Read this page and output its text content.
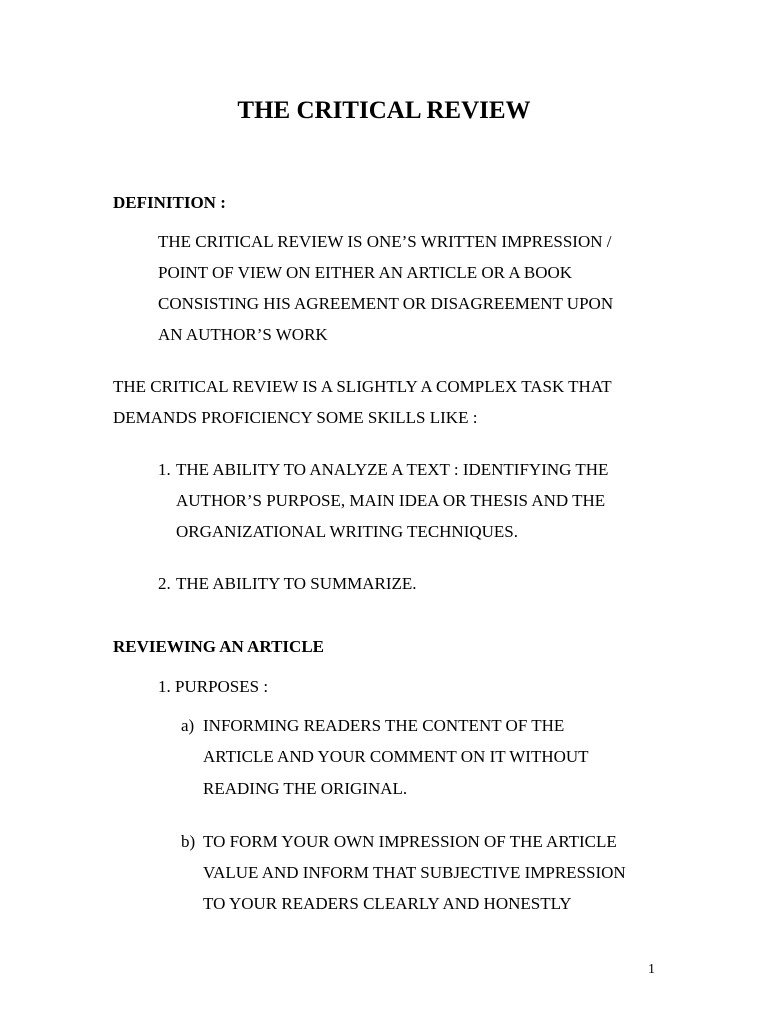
THE CRITICAL REVIEW

DEFINITION :

THE CRITICAL REVIEW IS ONE’S WRITTEN IMPRESSION /

POINT OF VIEW ON EITHER AN ARTICLE OR A BOOK

CONSISTING HIS AGREEMENT OR DISAGREEMENT UPON

AN AUTHOR’S WORK

THE CRITICAL REVIEW IS A SLIGHTLY A COMPLEX TASK THAT

DEMANDS PROFICIENCY SOME SKILLS LIKE :

1. THE ABILITY TO ANALYZE A TEXT : IDENTIFYING THE

AUTHOR’S PURPOSE, MAIN IDEA OR THESIS AND THE

ORGANIZATIONAL WRITING TECHNIQUES.

2. THE ABILITY TO SUMMARIZE.

REVIEWING AN ARTICLE

1. PURPOSES :

a) INFORMING READERS THE CONTENT OF THE

ARTICLE AND YOUR COMMENT ON IT WITHOUT

READING THE ORIGINAL.

b) TO FORM YOUR OWN IMPRESSION OF THE ARTICLE

VALUE AND INFORM THAT SUBJECTIVE IMPRESSION

TO YOUR READERS CLEARLY AND HONESTLY

1
